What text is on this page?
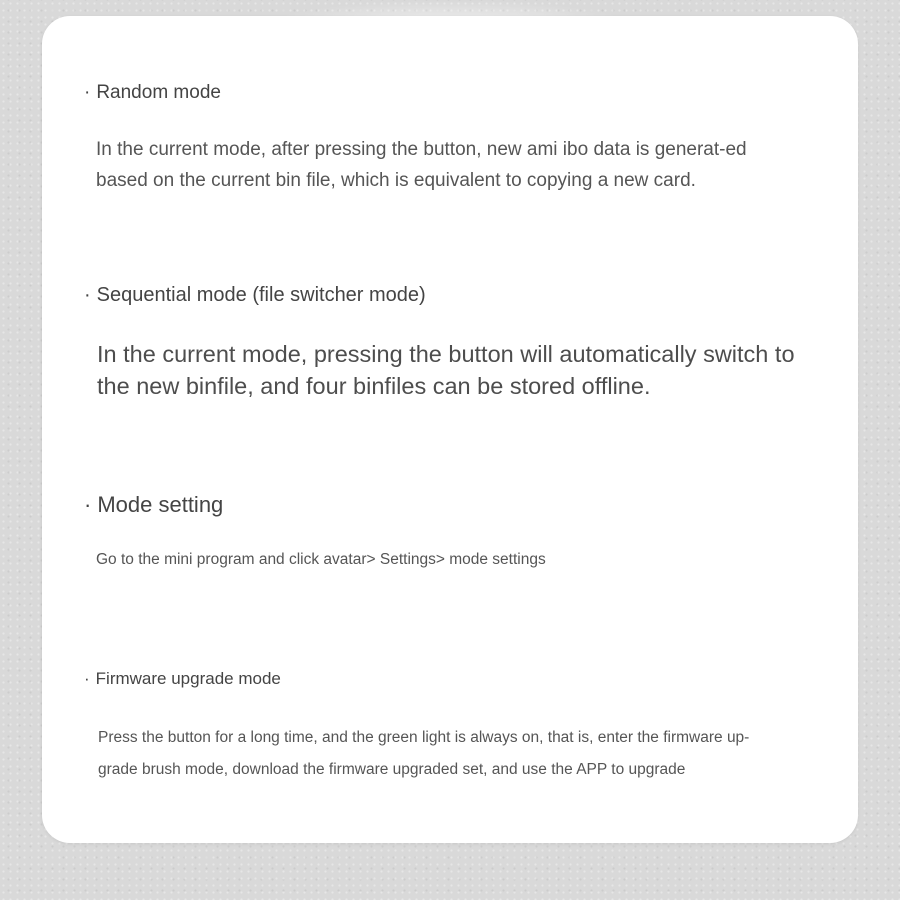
· Random mode

In the current mode, after pressing the button, new ami ibo data is generat-ed based on the current bin file, which is equivalent to copying a new card.

· Sequential mode (file switcher mode)

In the current mode, pressing the button will automatically switch to the new binfile, and four binfiles can be stored offline.

· Mode setting

Go to the mini program and click avatar> Settings> mode settings

· Firmware upgrade mode

Press the button for a long time, and the green light is always on, that is, enter the firmware up-grade brush mode, download the firmware upgraded set, and use the APP to upgrade
